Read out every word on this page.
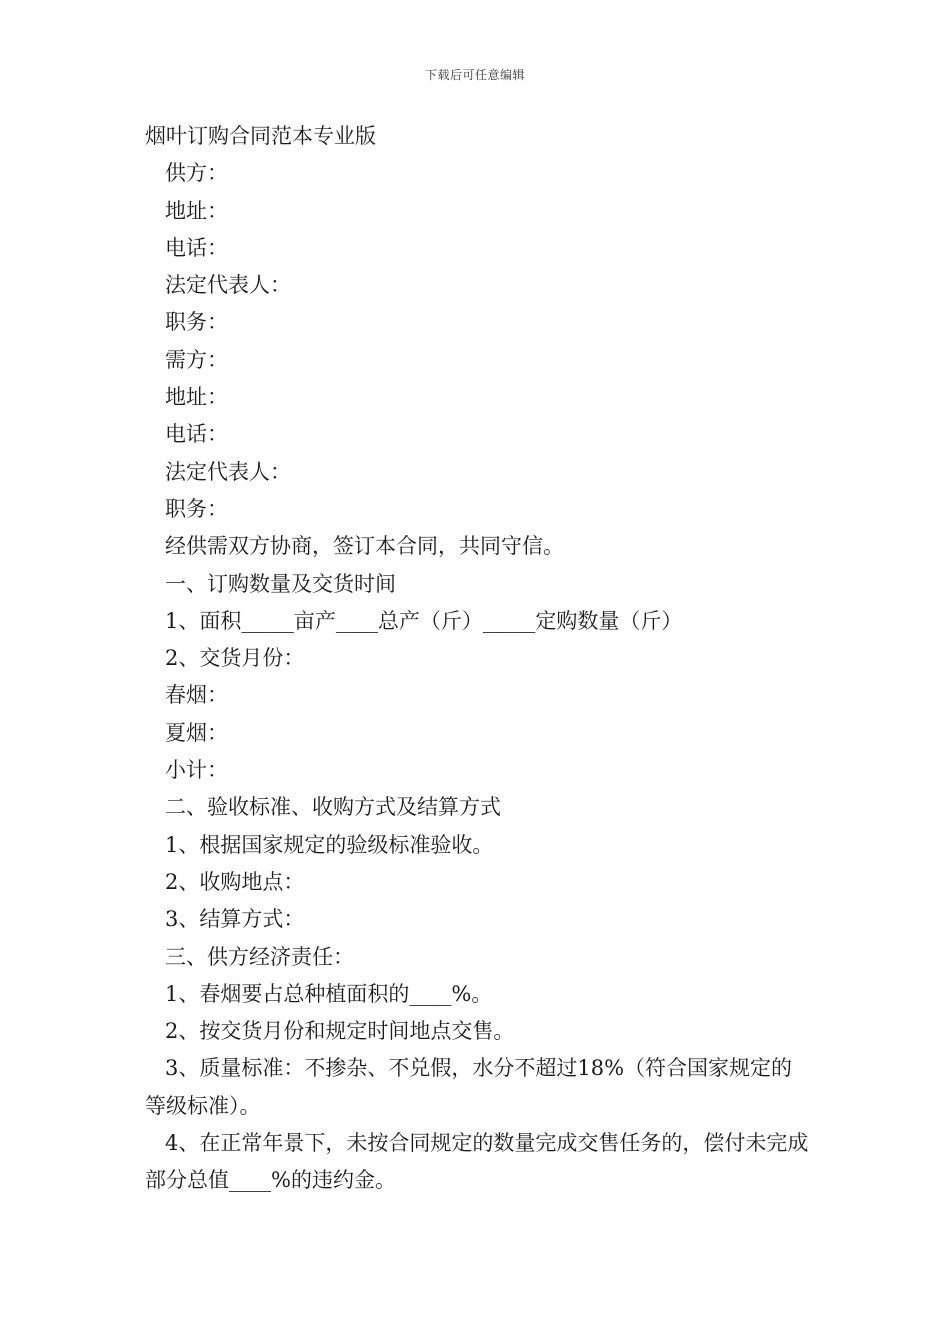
下载后可任意编辑

烟叶订购合同范本专业版

供方：

地址：

电话：

法定代表人：

职务：

需方：

地址：

电话：

法定代表人：

职务：

经供需双方协商，签订本合同，共同守信。

一、订购数量及交货时间

1、面积_____亩产____总产（斤）_____定购数量（斤）

2、交货月份：

春烟：

夏烟：

小计：

二、验收标准、收购方式及结算方式

1、根据国家规定的验级标准验收。

2、收购地点：

3、结算方式：

三、供方经济责任：

1、春烟要占总种植面积的____%。

2、按交货月份和规定时间地点交售。

3、质量标准：不掺杂、不兑假，水分不超过18%（符合国家规定的等级标准）。

4、在正常年景下，未按合同规定的数量完成交售任务的，偿付未完成部分总值____%的违约金。
